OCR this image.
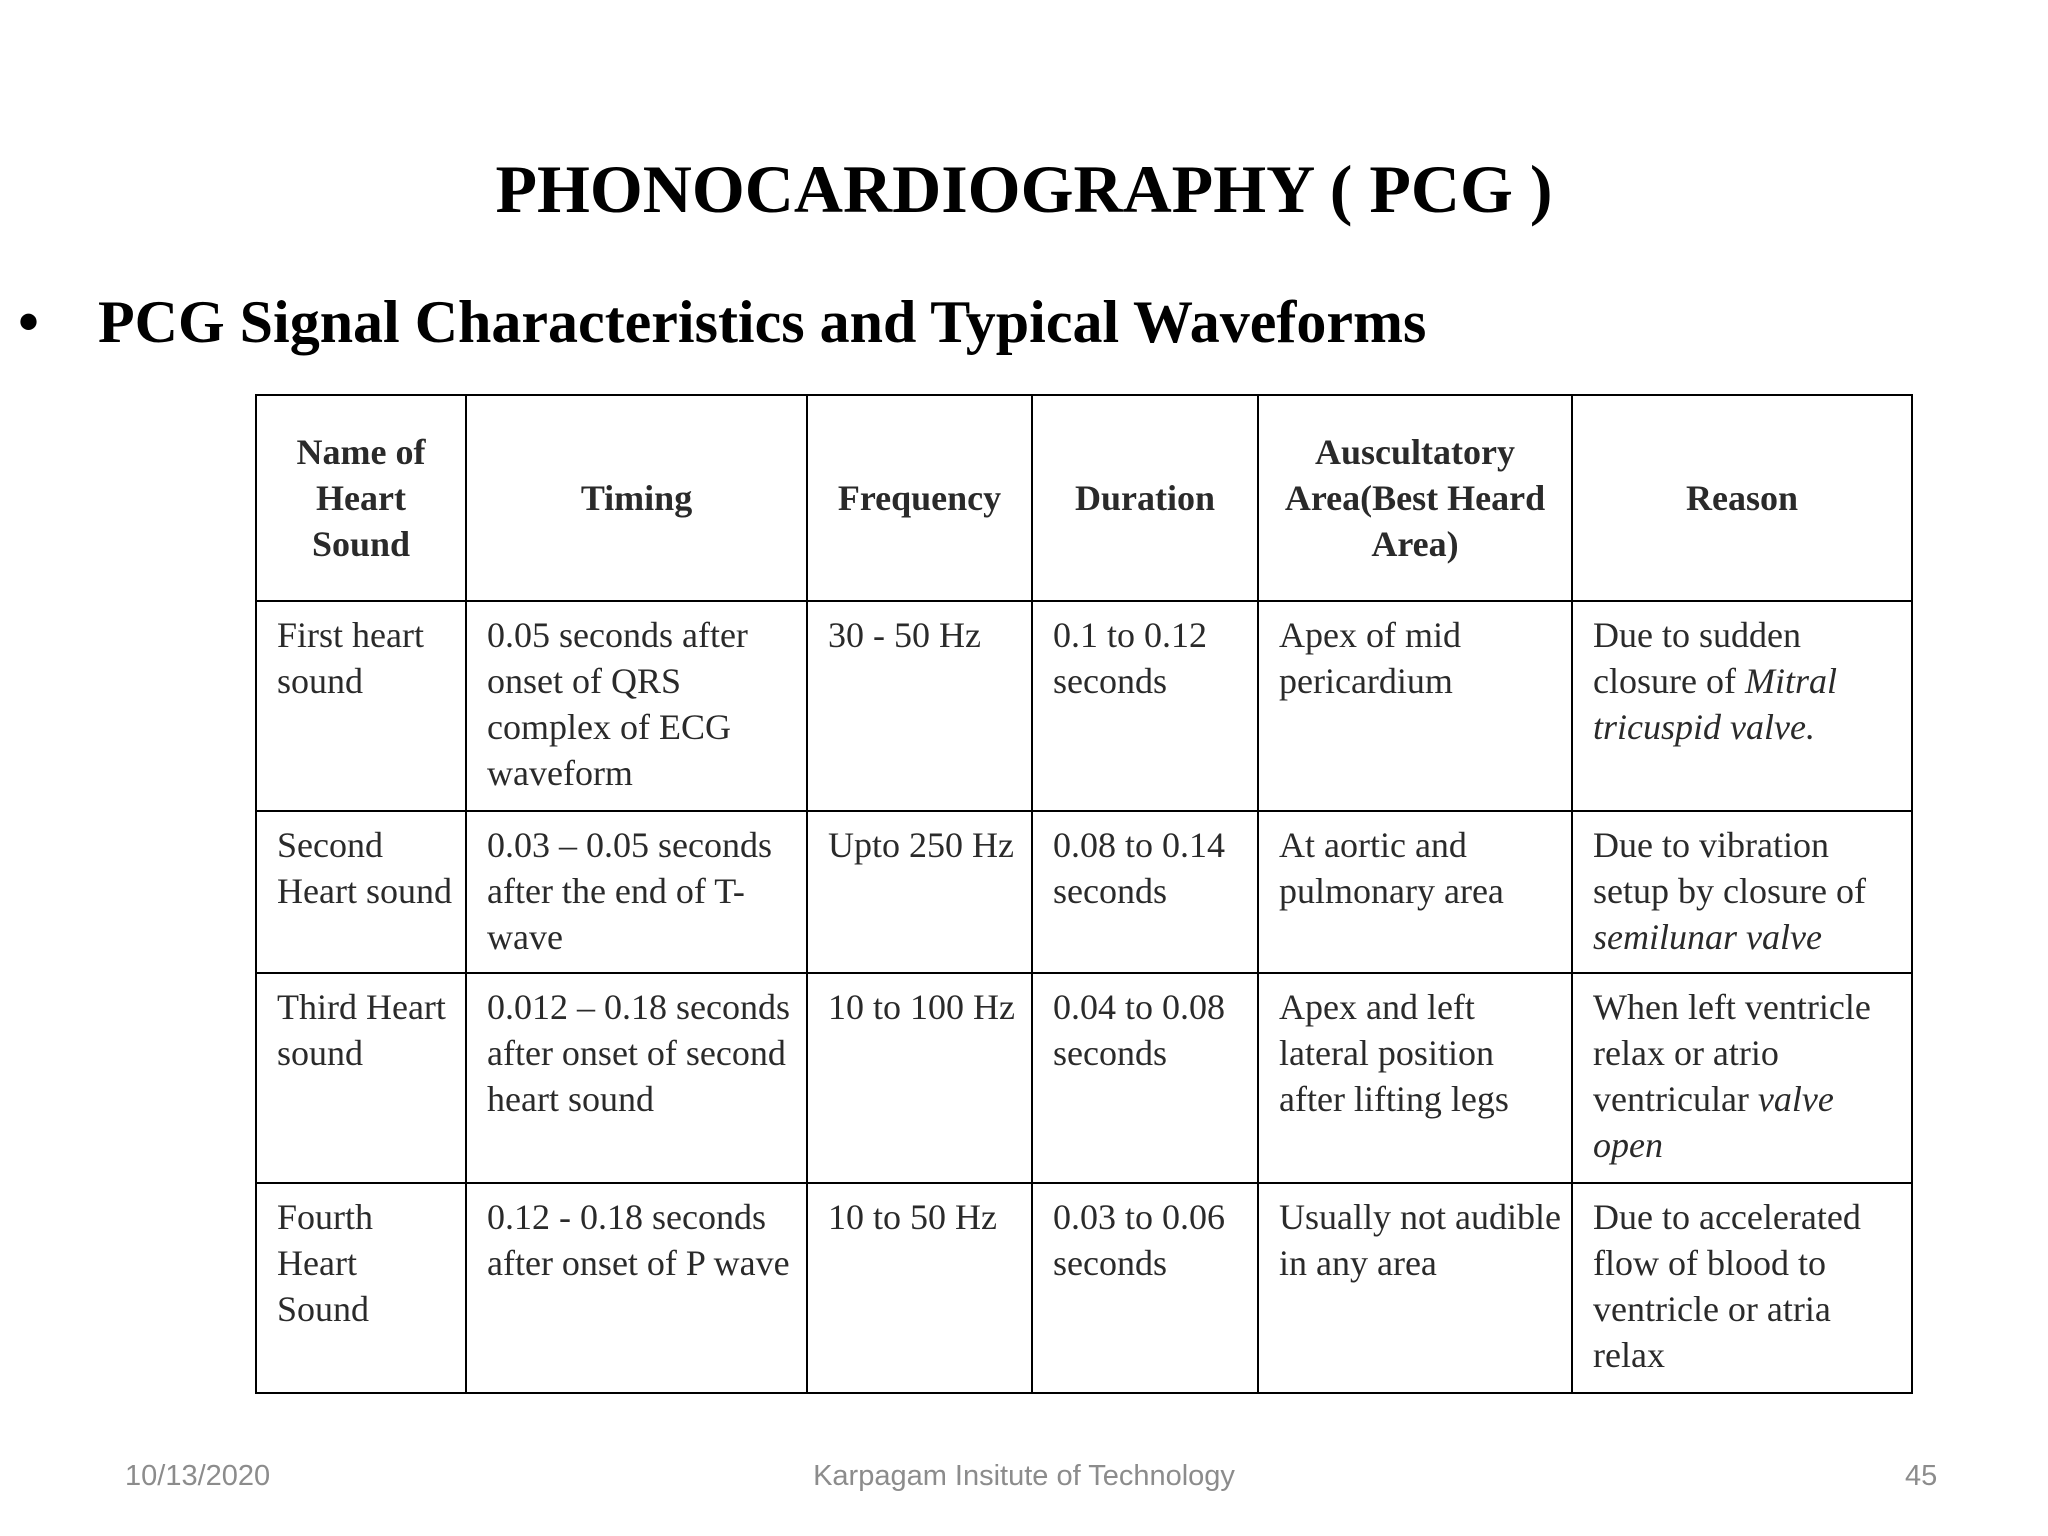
PHONOCARDIOGRAPHY ( PCG )
• PCG Signal Characteristics and Typical Waveforms
Name of Heart Sound	Timing	Frequency	Duration	Auscultatory Area(Best Heard Area)	Reason
First heart sound	0.05 seconds after onset of QRS complex of ECG waveform	30 - 50 Hz	0.1 to 0.12 seconds	Apex of mid pericardium	Due to sudden closure of Mitral tricuspid valve.
Second Heart sound	0.03 – 0.05 seconds after the end of T-wave	Upto 250 Hz	0.08 to 0.14 seconds	At aortic and pulmonary area	Due to vibration setup by closure of semilunar valve
Third Heart sound	0.012 – 0.18 seconds after onset of second heart sound	10 to 100 Hz	0.04 to 0.08 seconds	Apex and left lateral position after lifting legs	When left ventricle relax or atrio ventricular valve open
Fourth Heart Sound	0.12 - 0.18 seconds after onset of P wave	10 to 50 Hz	0.03 to 0.06 seconds	Usually not audible in any area	Due to accelerated flow of blood to ventricle or atria relax
10/13/2020	Karpagam Insitute of Technology	45
